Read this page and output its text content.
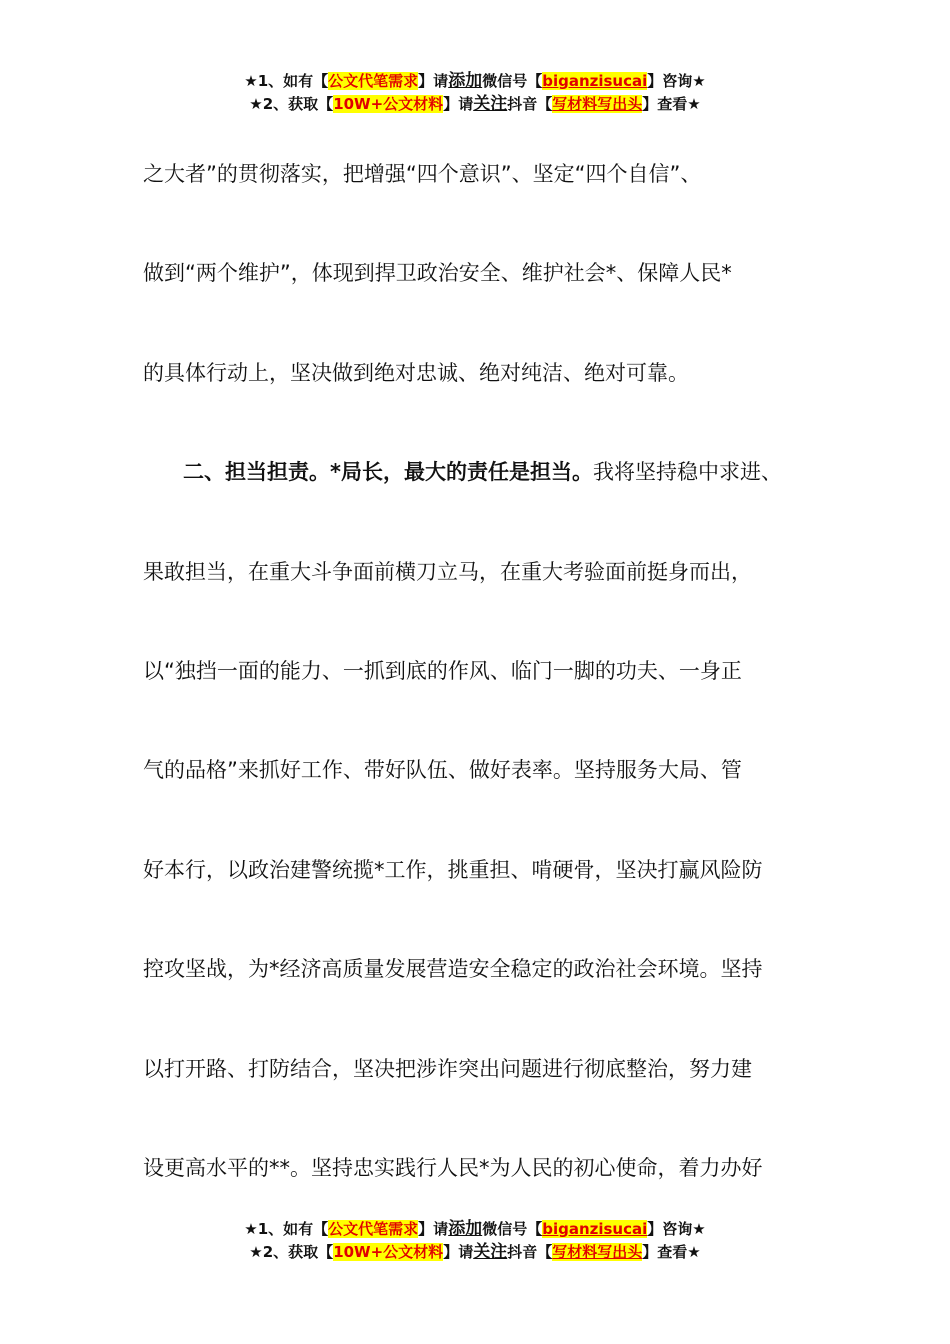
★1、如有【公文代笔需求】请添加微信号【biganzisucai】咨询★
★2、获取【10W+公文材料】请关注抖音【写材料写出头】查看★

之大者”的贯彻落实，把增强“四个意识”、坚定“四个自信”、

做到“两个维护”，体现到捍卫政治安全、维护社会*、保障人民*

的具体行动上，坚决做到绝对忠诚、绝对纯洁、绝对可靠。

二、担当担责。*局长，最大的责任是担当。我将坚持稳中求进、

果敢担当，在重大斗争面前横刀立马，在重大考验面前挺身而出，

以“独挡一面的能力、一抓到底的作风、临门一脚的功夫、一身正

气的品格”来抓好工作、带好队伍、做好表率。坚持服务大局、管

好本行，以政治建警统揽*工作，挑重担、啃硬骨，坚决打赢风险防

控攻坚战，为*经济高质量发展营造安全稳定的政治社会环境。坚持

以打开路、打防结合，坚决把涉诈突出问题进行彻底整治，努力建

设更高水平的**。坚持忠实践行人民*为人民的初心使命，着力办好

★1、如有【公文代笔需求】请添加微信号【biganzisucai】咨询★
★2、获取【10W+公文材料】请关注抖音【写材料写出头】查看★
